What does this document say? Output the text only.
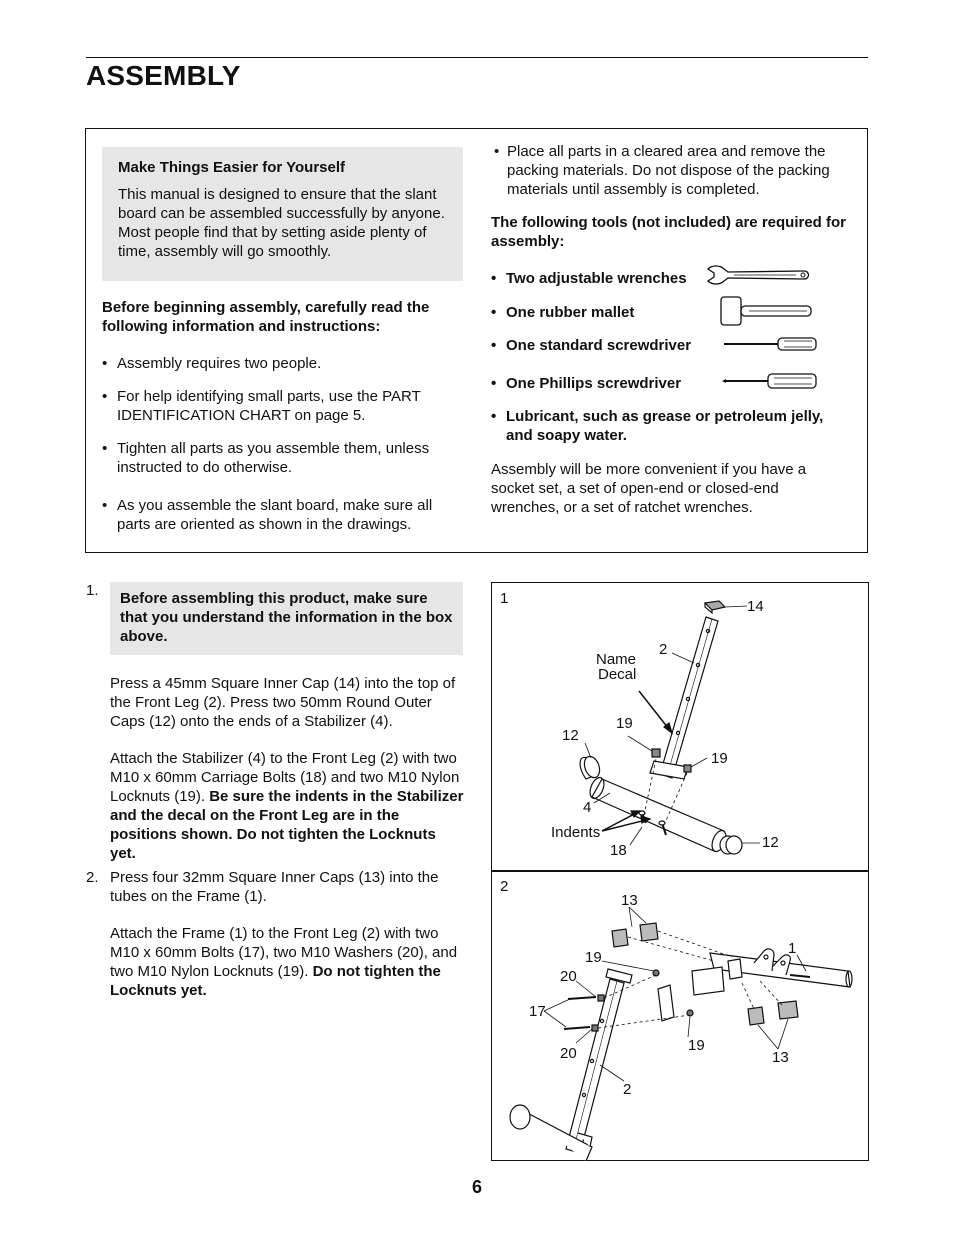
ASSEMBLY
Make Things Easier for Yourself

This manual is designed to ensure that the slant board can be assembled successfully by anyone. Most people find that by setting aside plenty of time, assembly will go smoothly.

Before beginning assembly, carefully read the following information and instructions:
• Assembly requires two people.
• For help identifying small parts, use the PART IDENTIFICATION CHART on page 5.
• Tighten all parts as you assemble them, unless instructed to do otherwise.
• As you assemble the slant board, make sure all parts are oriented as shown in the drawings.
• Place all parts in a cleared area and remove the packing materials. Do not dispose of the packing materials until assembly is completed.
The following tools (not included) are required for assembly:
• Two adjustable wrenches
• One rubber mallet
• One standard screwdriver
• One Phillips screwdriver
• Lubricant, such as grease or petroleum jelly, and soapy water.
Assembly will be more convenient if you have a socket set, a set of open-end or closed-end wrenches, or a set of ratchet wrenches.
1.	Before assembling this product, make sure that you understand the information in the box above.
Press a 45mm Square Inner Cap (14) into the top of the Front Leg (2). Press two 50mm Round Outer Caps (12) onto the ends of a Stabilizer (4).
Attach the Stabilizer (4) to the Front Leg (2) with two M10 x 60mm Carriage Bolts (18) and two M10 Nylon Locknuts (19). Be sure the indents in the Stabilizer and the decal on the Front Leg are in the positions shown. Do not tighten the Locknuts yet.
2. Press four 32mm Square Inner Caps (13) into the tubes on the Frame (1).
Attach the Frame (1) to the Front Leg (2) with two M10 x 60mm Bolts (17), two M10 Washers (20), and two M10 Nylon Locknuts (19). Do not tighten the Locknuts yet.
1	14
2
Name
Decal
19
12
19
4
Indents
18	12
2
13
1
19
20
17
20	19
13
2
6
